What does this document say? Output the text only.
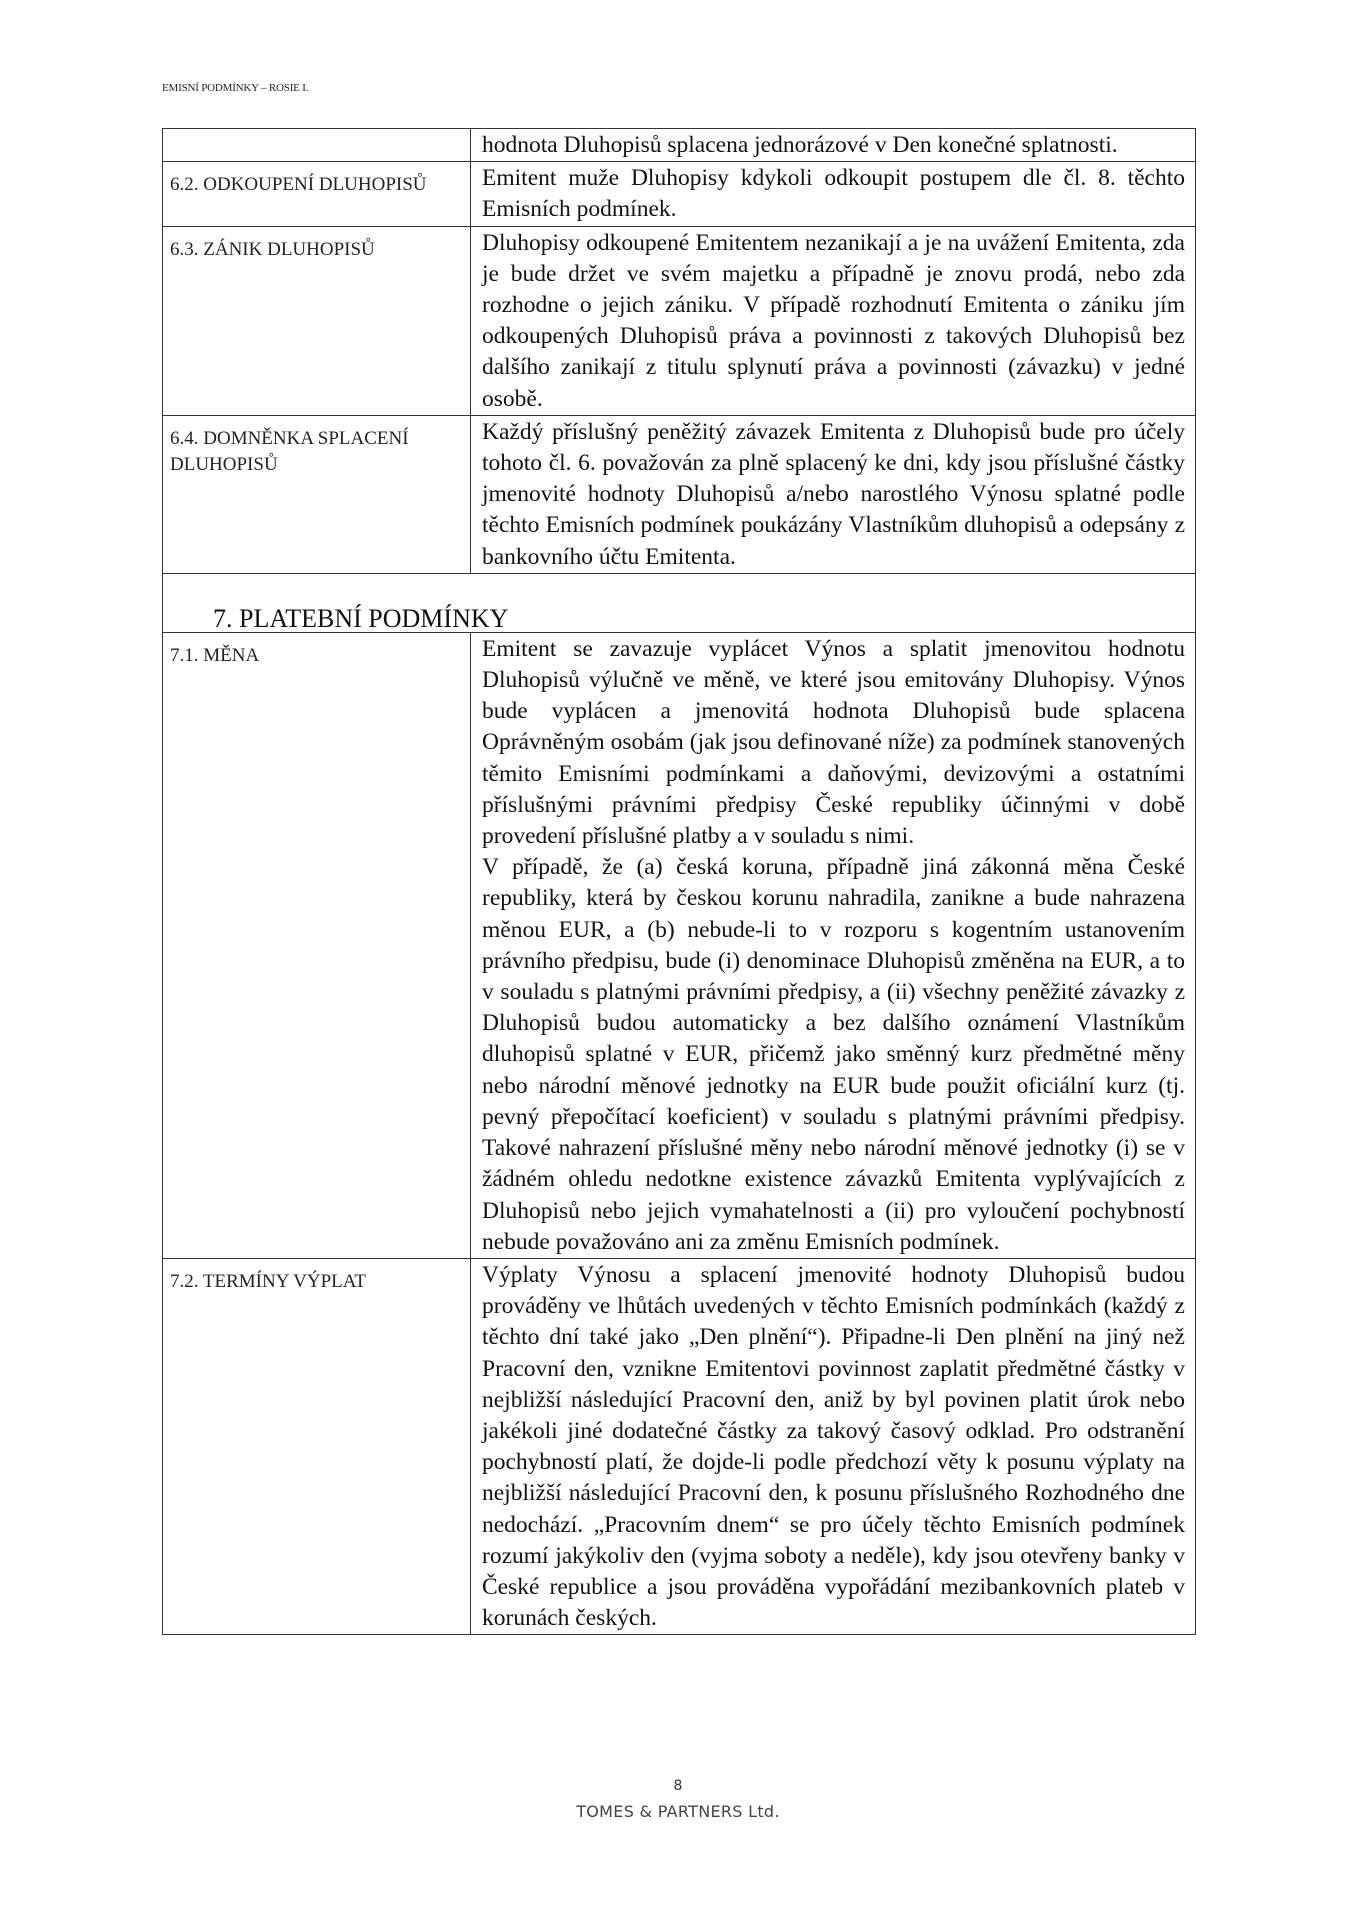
EMISNÍ PODMÍNKY – ROSIE I.

	hodnota Dluhopisů splacena jednorázové v Den konečné splatnosti.

6.2. ODKOUPENÍ DLUHOPISŮ	Emitent muže Dluhopisy kdykoli odkoupit postupem dle čl. 8. těchto Emisních podmínek.

6.3. ZÁNIK DLUHOPISŮ	Dluhopisy odkoupené Emitentem nezanikají a je na uvážení Emitenta, zda je bude držet ve svém majetku a případně je znovu prodá, nebo zda rozhodne o jejich zániku. V případě rozhodnutí Emitenta o zániku jím odkoupených Dluhopisů práva a povinnosti z takových Dluhopisů bez dalšího zanikají z titulu splynutí práva a povinnosti (závazku) v jedné osobě.

6.4. DOMNĚNKA SPLACENÍ DLUHOPISŮ	Každý příslušný peněžitý závazek Emitenta z Dluhopisů bude pro účely tohoto čl. 6. považován za plně splacený ke dni, kdy jsou příslušné částky jmenovité hodnoty Dluhopisů a/nebo narostlého Výnosu splatné podle těchto Emisních podmínek poukázány Vlastníkům dluhopisů a odepsány z bankovního účtu Emitenta.

7. PLATEBNÍ PODMÍNKY

7.1. MĚNA	Emitent se zavazuje vyplácet Výnos a splatit jmenovitou hodnotu Dluhopisů výlučně ve měně, ve které jsou emitovány Dluhopisy. Výnos bude vyplácen a jmenovitá hodnota Dluhopisů bude splacena Oprávněným osobám (jak jsou definované níže) za podmínek stanovených těmito Emisními podmínkami a daňovými, devizovými a ostatními příslušnými právními předpisy České republiky účinnými v době provedení příslušné platby a v souladu s nimi.

V případě, že (a) česká koruna, případně jiná zákonná měna České republiky, která by českou korunu nahradila, zanikne a bude nahrazena měnou EUR, a (b) nebude-li to v rozporu s kogentním ustanovením právního předpisu, bude (i) denominace Dluhopisů změněna na EUR, a to v souladu s platnými právními předpisy, a (ii) všechny peněžité závazky z Dluhopisů budou automaticky a bez dalšího oznámení Vlastníkům dluhopisů splatné v EUR, přičemž jako směnný kurz předmětné měny nebo národní měnové jednotky na EUR bude použit oficiální kurz (tj. pevný přepočítací koeficient) v souladu s platnými právními předpisy. Takové nahrazení příslušné měny nebo národní měnové jednotky (i) se v žádném ohledu nedotkne existence závazků Emitenta vyplývajících z Dluhopisů nebo jejich vymahatelnosti a (ii) pro vyloučení pochybností nebude považováno ani za změnu Emisních podmínek.

7.2. TERMÍNY VÝPLAT	Výplaty Výnosu a splacení jmenovité hodnoty Dluhopisů budou prováděny ve lhůtách uvedených v těchto Emisních podmínkách (každý z těchto dní také jako „Den plnění“). Připadne-li Den plnění na jiný než Pracovní den, vznikne Emitentovi povinnost zaplatit předmětné částky v nejbližší následující Pracovní den, aniž by byl povinen platit úrok nebo jakékoli jiné dodatečné částky za takový časový odklad. Pro odstranění pochybností platí, že dojde-li podle předchozí věty k posunu výplaty na nejbližší následující Pracovní den, k posunu příslušného Rozhodného dne nedochází. „Pracovním dnem“ se pro účely těchto Emisních podmínek rozumí jakýkoliv den (vyjma soboty a neděle), kdy jsou otevřeny banky v České republice a jsou prováděna vypořádání mezibankovních plateb v korunách českých.

8
TOMES & PARTNERS Ltd.
